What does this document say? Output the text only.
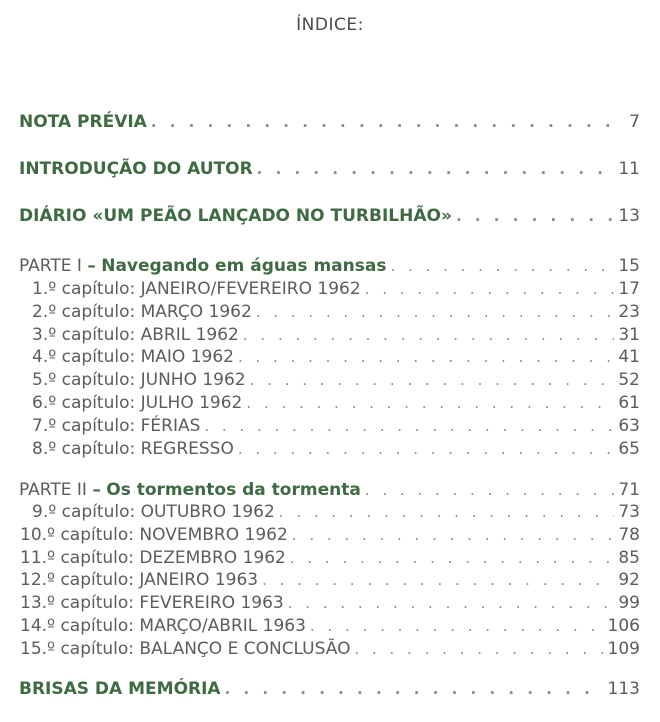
ÍNDICE:
NOTA PRÉVIA . . .	7
INTRODUÇÃO DO AUTOR . . .	11
DIÁRIO «UM PEÃO LANÇADO NO TURBILHÃO» . . .	13
PARTE I – Navegando em águas mansas . . .	15
1.º capítulo: JANEIRO/FEVEREIRO 1962 . . .	17
2.º capítulo: MARÇO 1962 . . .	23
3.º capítulo: ABRIL 1962 . . .	31
4.º capítulo: MAIO 1962 . . .	41
5.º capítulo: JUNHO 1962 . . .	52
6.º capítulo: JULHO 1962 . . .	61
7.º capítulo: FÉRIAS . . .	63
8.º capítulo: REGRESSO . . .	65
PARTE II – Os tormentos da tormenta . . .	71
9.º capítulo: OUTUBRO 1962 . . .	73
10.º capítulo: NOVEMBRO 1962 . . .	78
11.º capítulo: DEZEMBRO 1962 . . .	85
12.º capítulo: JANEIRO 1963 . . .	92
13.º capítulo: FEVEREIRO 1963 . . .	99
14.º capítulo: MARÇO/ABRIL 1963 . . .	106
15.º capítulo: BALANÇO E CONCLUSÃO . . .	109
BRISAS DA MEMÓRIA . . .	113
